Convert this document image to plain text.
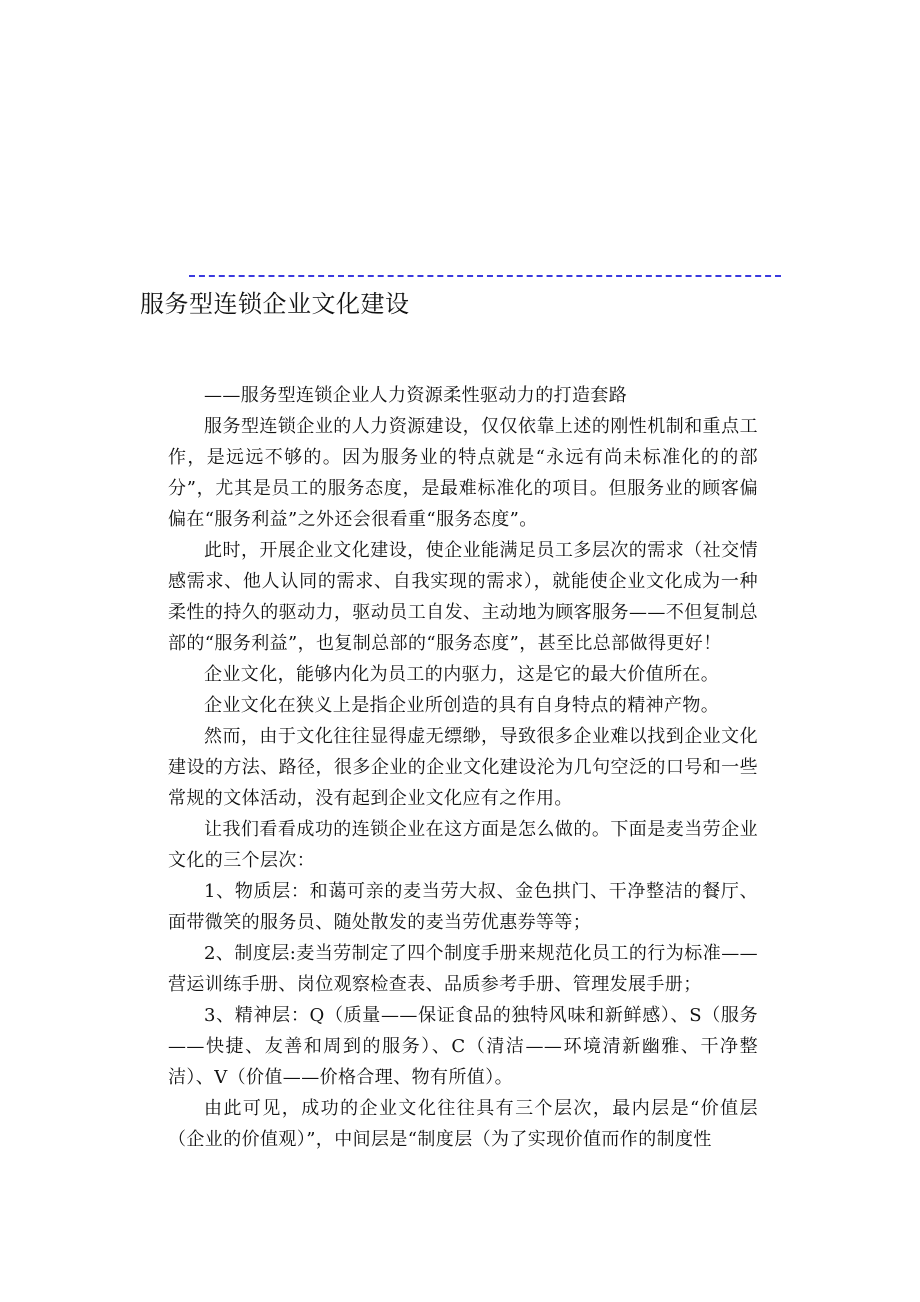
服务型连锁企业文化建设

——服务型连锁企业人力资源柔性驱动力的打造套路

服务型连锁企业的人力资源建设，仅仅依靠上述的刚性机制和重点工作，是远远不够的。因为服务业的特点就是“永远有尚未标准化的的部分”，尤其是员工的服务态度，是最难标准化的项目。但服务业的顾客偏偏在“服务利益”之外还会很看重“服务态度”。

此时，开展企业文化建设，使企业能满足员工多层次的需求（社交情感需求、他人认同的需求、自我实现的需求），就能使企业文化成为一种柔性的持久的驱动力，驱动员工自发、主动地为顾客服务——不但复制总部的“服务利益”，也复制总部的“服务态度”，甚至比总部做得更好！

企业文化，能够内化为员工的内驱力，这是它的最大价值所在。

企业文化在狭义上是指企业所创造的具有自身特点的精神产物。

然而，由于文化往往显得虚无缥缈，导致很多企业难以找到企业文化建设的方法、路径，很多企业的企业文化建设沦为几句空泛的口号和一些常规的文体活动，没有起到企业文化应有之作用。

让我们看看成功的连锁企业在这方面是怎么做的。下面是麦当劳企业文化的三个层次：

1、物质层：和蔼可亲的麦当劳大叔、金色拱门、干净整洁的餐厅、面带微笑的服务员、随处散发的麦当劳优惠券等等；

2、制度层:麦当劳制定了四个制度手册来规范化员工的行为标准——营运训练手册、岗位观察检查表、品质参考手册、管理发展手册；

3、精神层：Q（质量——保证食品的独特风味和新鲜感）、S（服务——快捷、友善和周到的服务）、C（清洁——环境清新幽雅、干净整洁）、V（价值——价格合理、物有所值）。

由此可见，成功的企业文化往往具有三个层次，最内层是“价值层（企业的价值观）”，中间层是“制度层（为了实现价值而作的制度性
